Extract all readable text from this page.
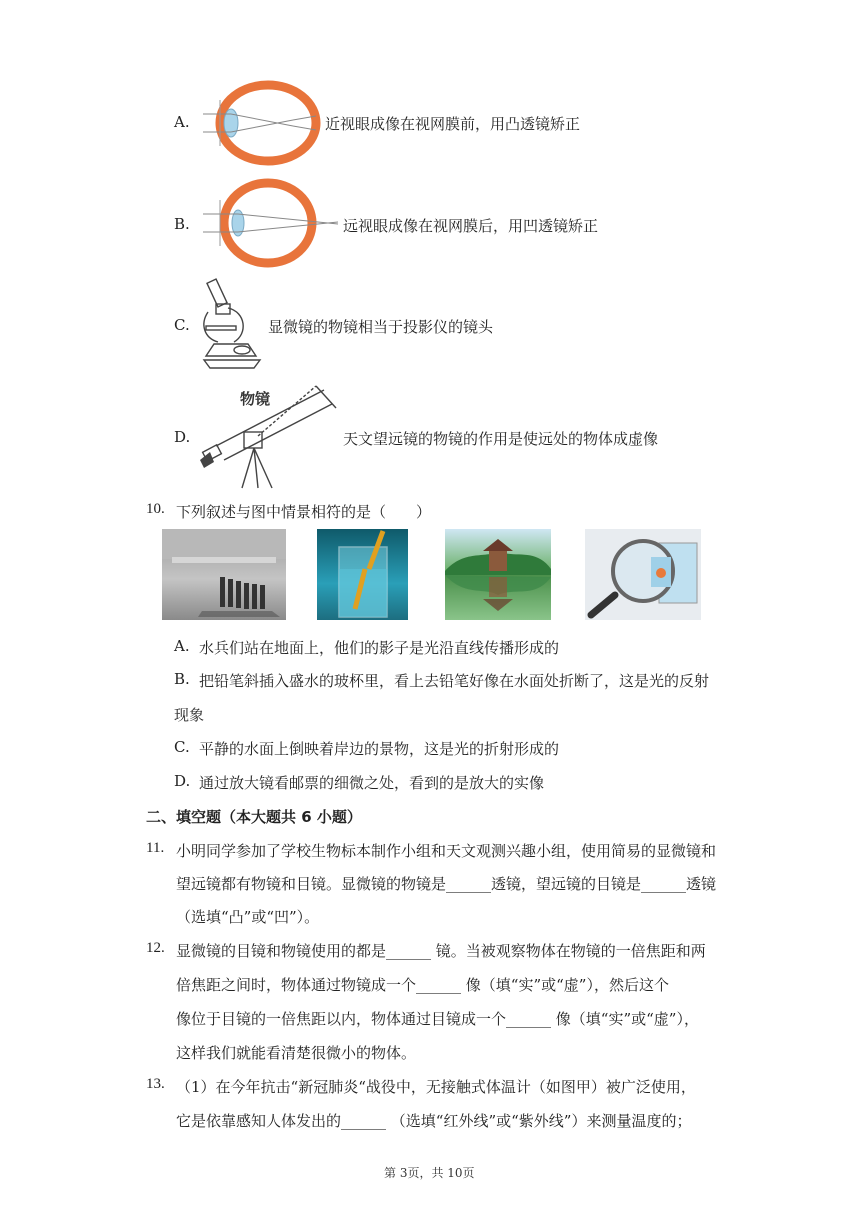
A.	近视眼成像在视网膜前，用凸透镜矫正
B.	远视眼成像在视网膜后，用凹透镜矫正
C.	显微镜的物镜相当于投影仪的镜头
D.
物镜
天文望远镜的物镜的作用是使远处的物体成虚像
10. 下列叙述与图中情景相符的是（　　）
A. 水兵们站在地面上，他们的影子是光沿直线传播形成的
B. 把铅笔斜插入盛水的玻杯里，看上去铅笔好像在水面处折断了，这是光的反射
现象
C. 平静的水面上倒映着岸边的景物，这是光的折射形成的
D. 通过放大镜看邮票的细微之处，看到的是放大的实像
二、填空题（本大题共 6 小题）
11. 小明同学参加了学校生物标本制作小组和天文观测兴趣小组，使用简易的显微镜和
望远镜都有物镜和目镜。显微镜的物镜是______透镜，望远镜的目镜是______透镜
（选填“凸”或“凹”）。
12. 显微镜的目镜和物镜使用的都是______ 镜。当被观察物体在物镜的一倍焦距和两
倍焦距之间时，物体通过物镜成一个______ 像（填“实”或“虚”），然后这个
像位于目镜的一倍焦距以内，物体通过目镜成一个______ 像（填“实”或“虚”），
这样我们就能看清楚很微小的物体。
13. （1）在今年抗击“新冠肺炎“战役中，无接触式体温计（如图甲）被广泛使用，
它是依靠感知人体发出的______ （选填“红外线”或“紫外线”）来测量温度的；
第 3页，共 10页
